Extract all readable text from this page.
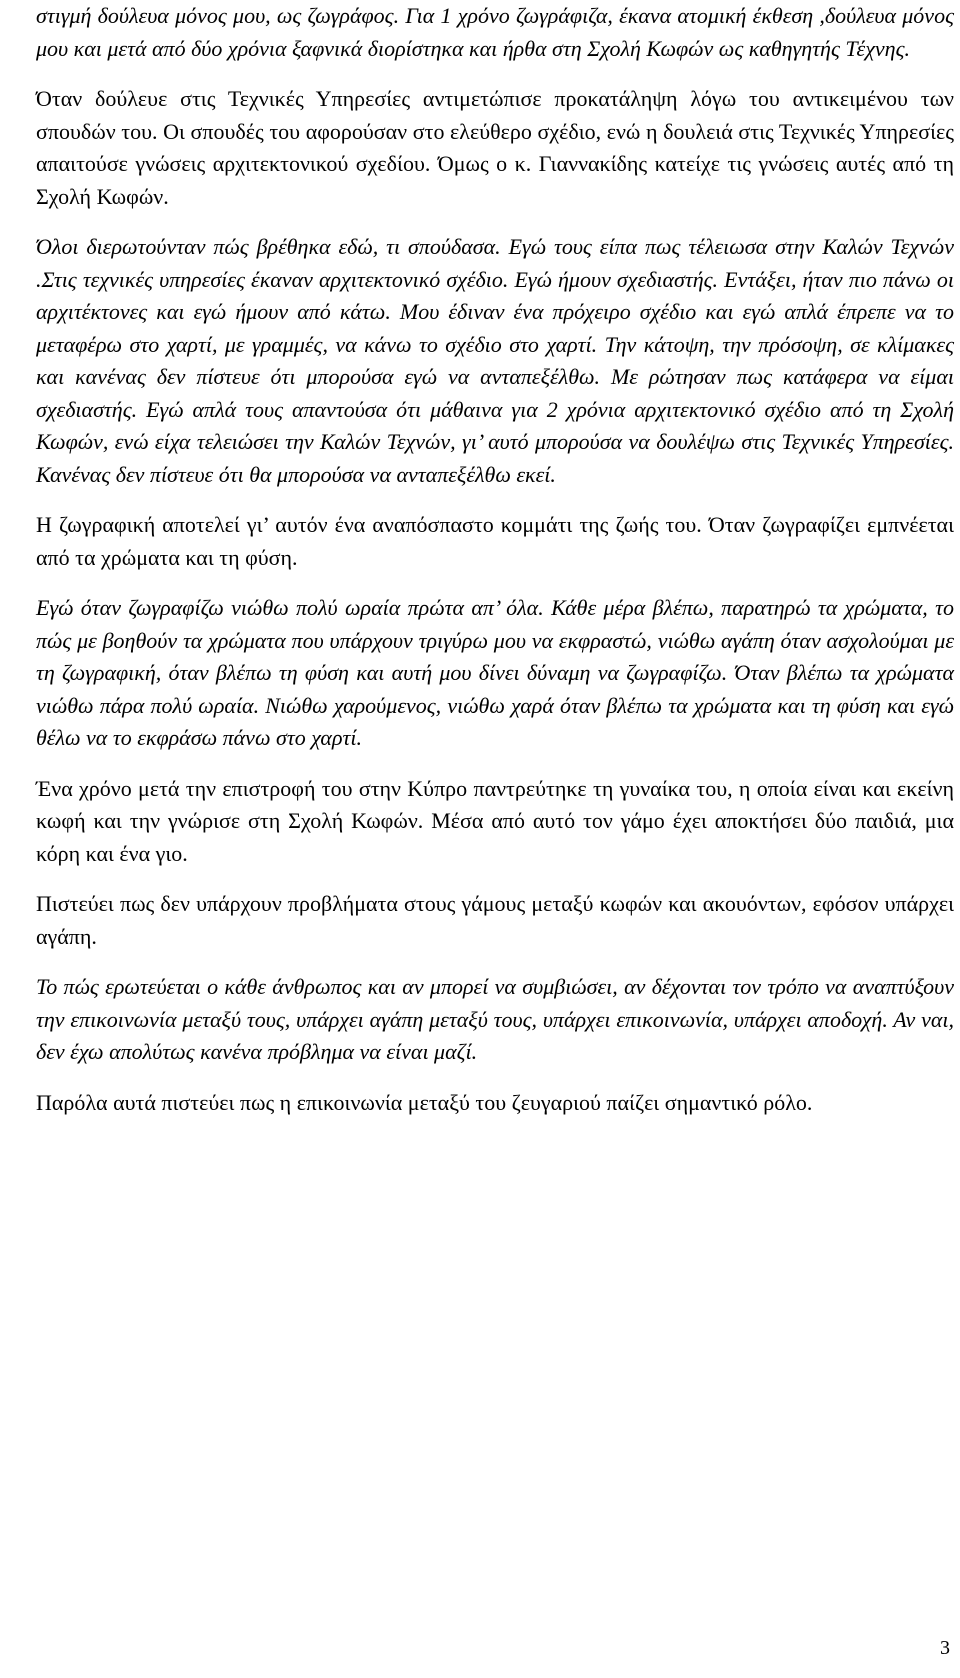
στιγμή δούλευα μόνος μου, ως ζωγράφος. Για 1 χρόνο ζωγράφιζα, έκανα ατομική έκθεση ,δούλευα μόνος μου και μετά από δύο χρόνια ξαφνικά διορίστηκα και ήρθα στη Σχολή Κωφών ως καθηγητής Τέχνης.

Όταν δούλευε στις Τεχνικές Υπηρεσίες αντιμετώπισε προκατάληψη λόγω του αντικειμένου των σπουδών του. Οι σπουδές του αφορούσαν στο ελεύθερο σχέδιο, ενώ η δουλειά στις Τεχνικές Υπηρεσίες απαιτούσε γνώσεις αρχιτεκτονικού σχεδίου. Όμως ο κ. Γιαννακίδης κατείχε τις γνώσεις αυτές από τη Σχολή Κωφών.

Όλοι διερωτούνταν πώς βρέθηκα εδώ, τι σπούδασα. Εγώ τους είπα πως τέλειωσα στην Καλών Τεχνών .Στις τεχνικές υπηρεσίες έκαναν αρχιτεκτονικό σχέδιο. Εγώ ήμουν σχεδιαστής. Εντάξει, ήταν πιο πάνω οι αρχιτέκτονες και εγώ ήμουν από κάτω. Μου έδιναν ένα πρόχειρο σχέδιο και εγώ απλά έπρεπε να το μεταφέρω στο χαρτί, με γραμμές, να κάνω το σχέδιο στο χαρτί. Την κάτοψη, την πρόσοψη, σε κλίμακες και κανένας δεν πίστευε ότι μπορούσα εγώ να ανταπεξέλθω. Με ρώτησαν πως κατάφερα να είμαι σχεδιαστής. Εγώ απλά τους απαντούσα ότι μάθαινα για 2 χρόνια αρχιτεκτονικό σχέδιο από τη Σχολή Κωφών, ενώ είχα τελειώσει την Καλών Τεχνών, γι’ αυτό μπορούσα να δουλέψω στις Τεχνικές Υπηρεσίες. Κανένας δεν πίστευε ότι θα μπορούσα να ανταπεξέλθω εκεί.

Η ζωγραφική αποτελεί γι’ αυτόν ένα αναπόσπαστο κομμάτι της ζωής του. Όταν ζωγραφίζει εμπνέεται από τα χρώματα και τη φύση.

Εγώ όταν ζωγραφίζω νιώθω πολύ ωραία πρώτα απ’ όλα. Κάθε μέρα βλέπω, παρατηρώ τα χρώματα, το πώς με βοηθούν τα χρώματα που υπάρχουν τριγύρω μου να εκφραστώ, νιώθω αγάπη όταν ασχολούμαι με τη ζωγραφική, όταν βλέπω τη φύση και αυτή μου δίνει δύναμη να ζωγραφίζω. Όταν βλέπω τα χρώματα νιώθω πάρα πολύ ωραία. Νιώθω χαρούμενος, νιώθω χαρά όταν βλέπω τα χρώματα και τη φύση και εγώ θέλω να το εκφράσω πάνω στο χαρτί.

Ένα χρόνο μετά την επιστροφή του στην Κύπρο παντρεύτηκε τη γυναίκα του, η οποία είναι και εκείνη κωφή και την γνώρισε στη Σχολή Κωφών. Μέσα από αυτό τον γάμο έχει αποκτήσει δύο παιδιά, μια κόρη και ένα γιο.

Πιστεύει πως δεν υπάρχουν προβλήματα στους γάμους μεταξύ κωφών και ακουόντων, εφόσον υπάρχει αγάπη.

Το πώς ερωτεύεται ο κάθε άνθρωπος και αν μπορεί να συμβιώσει, αν δέχονται τον τρόπο να αναπτύξουν την επικοινωνία μεταξύ τους, υπάρχει αγάπη μεταξύ τους, υπάρχει επικοινωνία, υπάρχει αποδοχή. Αν ναι, δεν έχω απολύτως κανένα πρόβλημα να είναι μαζί.

Παρόλα αυτά πιστεύει πως η επικοινωνία μεταξύ του ζευγαριού παίζει σημαντικό ρόλο.

3
